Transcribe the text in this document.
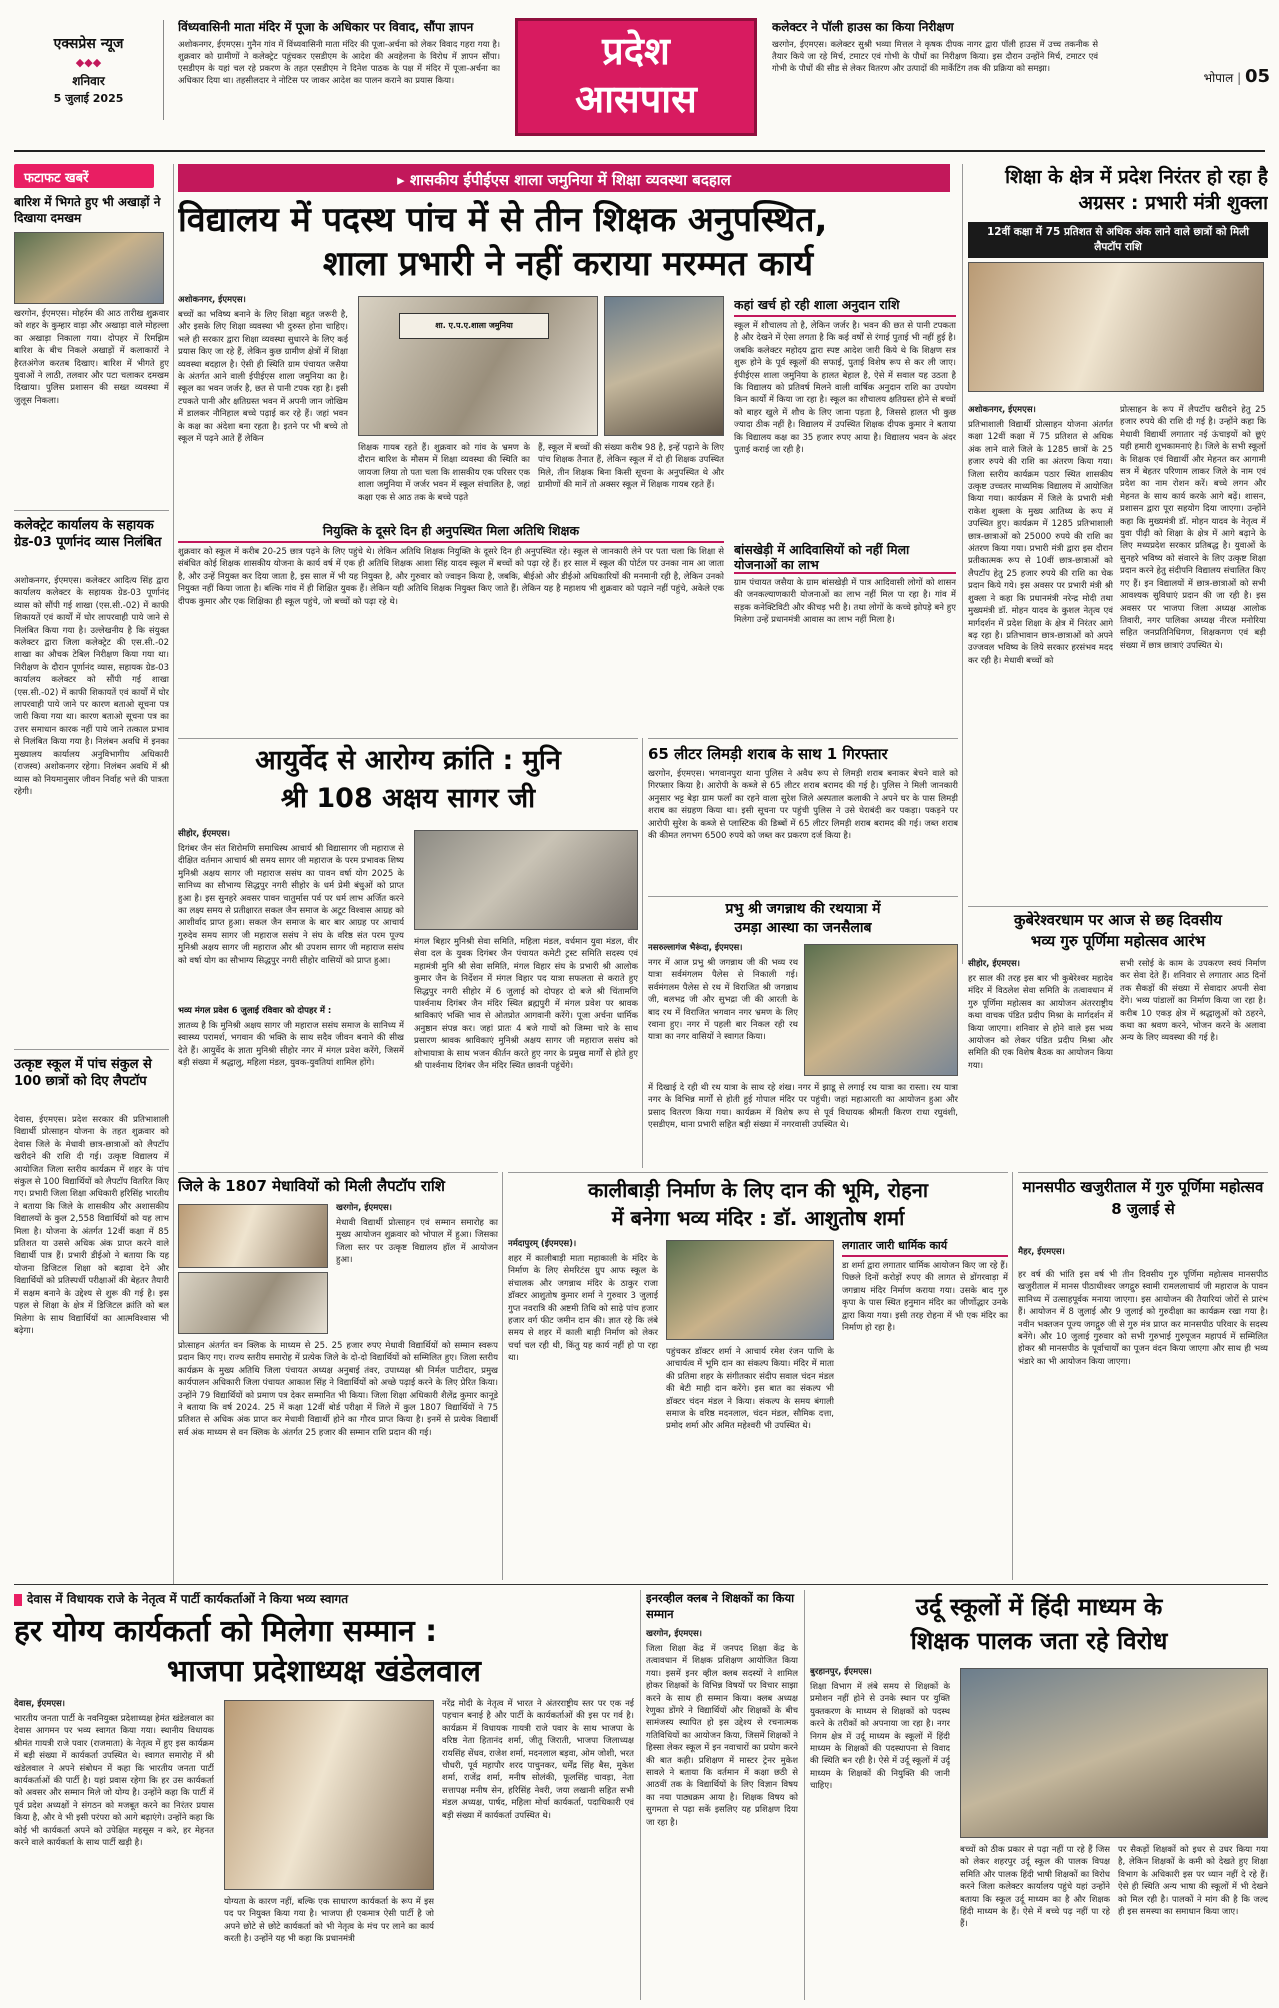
एक्सप्रेस न्यूज
◆◆◆
शनिवार
5 जुलाई 2025
विंध्यवासिनी माता मंदिर में पूजा के अधिकार पर विवाद, सौंपा ज्ञापन
अशोकनगर, ईएमएस। गुनैन गांव में विंध्यवासिनी माता मंदिर की पूजा-अर्चना को लेकर विवाद गहरा गया है। शुक्रवार को ग्रामीणों ने कलेक्ट्रेट पहुंचकर एसडीएम के आदेश की अवहेलना के विरोध में ज्ञापन सौंपा। एसडीएम के यहां चल रहे प्रकरण के तहत एसडीएम ने दिनेश पाठक के पक्ष में मंदिर में पूजा-अर्चना का अधिकार दिया था। तहसीलदार ने नोटिस पर जाकर आदेश का पालन कराने का प्रयास किया।
प्रदेश
आसपास
कलेक्टर ने पॉली हाउस का किया निरीक्षण
खरगोन, ईएमएस। कलेक्टर सुश्री भव्या मित्तल ने कृषक दीपक नागर द्वारा पॉली हाउस में उच्च तकनीक से तैयार किये जा रहे मिर्च, टमाटर एवं गोभी के पौधों का निरीक्षण किया। इस दौरान उन्होंने मिर्च, टमाटर एवं गोभी के पौधों की सीड से लेकर वितरण और उत्पादों की मार्केटिंग तक की प्रक्रिया को समझा।
भोपाल | 05
फटाफट खबरें
बारिश में भिगते हुए भी अखाड़ों ने दिखाया दमखम
खरगोन, ईएमएस। मोहर्रम की आठ तारीख शुक्रवार को शहर के कुम्हार वाड़ा और अखाड़ा वाले मोहल्ला का अखाड़ा निकाला गया। दोपहर में रिमझिम बारिश के बीच निकले अखाड़ों में कलाकारों ने हैरतअंगेज करतब दिखाए। बारिश में भीगते हुए युवाओं ने लाठी, तलवार और पटा चलाकर दमखम दिखाया। पुलिस प्रशासन की सख्त व्यवस्था में जुलूस निकला।
कलेक्ट्रेट कार्यालय के सहायक ग्रेड-03 पूर्णानंद व्यास निलंबित
अशोकनगर, ईएमएस। कलेक्टर आदित्य सिंह द्वारा कार्यालय कलेक्टर के सहायक ग्रेड-03 पूर्णानंद व्यास को सौंपी गई शाखा (एस.सी.-02) में काफी शिकायतें एवं कार्यों में घोर लापरवाही पाये जाने से निलंबित किया गया है। उल्लेखनीय है कि संयुक्त कलेक्टर द्वारा जिला कलेक्ट्रेट की एस.सी.-02 शाखा का औचक टेबिल निरीक्षण किया गया था। निरीक्षण के दौरान पूर्णानंद व्यास, सहायक ग्रेड-03 कार्यालय कलेक्टर को सौंपी गई शाखा (एस.सी.-02) में काफी शिकायतें एवं कार्यों में घोर लापरवाही पाये जाने पर कारण बताओ सूचना पत्र जारी किया गया था। कारण बताओ सूचना पत्र का उत्तर समाधान कारक नहीं पाये जाने तत्काल प्रभाव से निलंबित किया गया है। निलंबन अवधि में इनका मुख्यालय कार्यालय अनुविभागीय अधिकारी (राजस्व) अशोकनगर रहेगा। निलंबन अवधि में श्री व्यास को नियमानुसार जीवन निर्वाह भत्ते की पात्रता रहेगी।
उत्कृष्ट स्कूल में पांच संकुल से 100 छात्रों को दिए लैपटॉप
देवास, ईएमएस। प्रदेश सरकार की प्रतिभाशाली विद्यार्थी प्रोत्साहन योजना के तहत शुक्रवार को देवास जिले के मेधावी छात्र-छात्राओं को लैपटॉप खरीदने की राशि दी गई। उत्कृष्ट विद्यालय में आयोजित जिला स्तरीय कार्यक्रम में शहर के पांच संकुल से 100 विद्यार्थियों को लैपटॉप वितरित किए गए। प्रभारी जिला शिक्षा अधिकारी हरिसिंह भारतीय ने बताया कि जिले के शासकीय और अशासकीय विद्यालयों के कुल 2,558 विद्यार्थियों को यह लाभ मिला है। योजना के अंतर्गत 12वीं कक्षा में 85 प्रतिशत या उससे अधिक अंक प्राप्त करने वाले विद्यार्थी पात्र हैं। प्रभारी डीईओ ने बताया कि यह योजना डिजिटल शिक्षा को बढ़ावा देने और विद्यार्थियों को प्रतिस्पर्धी परीक्षाओं की बेहतर तैयारी में सक्षम बनाने के उद्देश्य से शुरू की गई है। इस पहल से शिक्षा के क्षेत्र में डिजिटल क्रांति को बल मिलेगा के साथ विद्यार्थियों का आत्मविश्वास भी बढ़ेगा।
▸ शासकीय ईपीईएस शाला जमुनिया में शिक्षा व्यवस्था बदहाल
विद्यालय में पदस्थ पांच में से तीन शिक्षक अनुपस्थित,
शाला प्रभारी ने नहीं कराया मरम्मत कार्य
अशोकनगर, ईएमएस।
बच्चों का भविष्य बनाने के लिए शिक्षा बहुत जरूरी है, और इसके लिए शिक्षा व्यवस्था भी दुरुस्त होना चाहिए। भले ही सरकार द्वारा शिक्षा व्यवस्था सुधारने के लिए कई प्रयास किए जा रहे हैं, लेकिन कुछ ग्रामीण क्षेत्रों में शिक्षा व्यवस्था बदहाल है। ऐसी ही स्थिति ग्राम पंचायत जसैया के अंतर्गत आने वाली ईपीईएस शाला जमुनिया का है। स्कूल का भवन जर्जर है, छत से पानी टपक रहा है। इसी टपकते पानी और क्षतिग्रस्त भवन में अपनी जान जोखिम में डालकर नौनिहाल बच्चे पढ़ाई कर रहे हैं। जहां भवन के कक्ष का अंदेशा बना रहता है। इतने पर भी बच्चे तो स्कूल में पढ़ने आते हैं लेकिन
शा. ए.प.ए.शाला जमुनिया
शिक्षक गायब रहते हैं। शुक्रवार को गांव के भ्रमण के दौरान बारिश के मौसम में शिक्षा व्यवस्था की स्थिति का जायजा लिया तो पता चला कि शासकीय एक परिसर एक शाला जमुनिया में जर्जर भवन में स्कूल संचालित है, जहां कक्षा एक से आठ तक के बच्चे पढ़ते
हैं, स्कूल में बच्चों की संख्या करीब 98 है, इन्हें पढ़ाने के लिए पांच शिक्षक तैनात हैं, लेकिन स्कूल में दो ही शिक्षक उपस्थित मिले, तीन शिक्षक बिना किसी सूचना के अनुपस्थित थे और ग्रामीणों की मानें तो अक्सर स्कूल में शिक्षक गायब रहते हैं।
कहां खर्च हो रही शाला अनुदान राशि
स्कूल में शौचालय तो है, लेकिन जर्जर है। भवन की छत से पानी टपकता है और देखने में ऐसा लगता है कि कई वर्षों से रंगाई पुताई भी नहीं हुई है। जबकि कलेक्टर महोदय द्वारा स्पष्ट आदेश जारी किये थे कि शिक्षण सत्र शुरू होने के पूर्व स्कूलों की सफाई, पुताई विशेष रूप से कर ली जाए। ईपीईएस शाला जमुनिया के हालत बेहाल है, ऐसे में सवाल यह उठता है कि विद्यालय को प्रतिवर्ष मिलने वाली वार्षिक अनुदान राशि का उपयोग किन कार्यों में किया जा रहा है। स्कूल का शौचालय क्षतिग्रस्त होने से बच्चों को बाहर खुले में शौच के लिए जाना पड़ता है, जिससे हालत भी कुछ ज्यादा ठीक नहीं है। विद्यालय में उपस्थित शिक्षक दीपक कुमार ने बताया कि विद्यालय कक्ष का 35 हजार रुपए आया है। विद्यालय भवन के अंदर पुताई कराई जा रही है।
नियुक्ति के दूसरे दिन ही अनुपस्थित मिला अतिथि शिक्षक
शुक्रवार को स्कूल में करीब 20-25 छात्र पढ़ने के लिए पहुंचे थे। लेकिन अतिथि शिक्षक नियुक्ति के दूसरे दिन ही अनुपस्थित रहे। स्कूल से जानकारी लेने पर पता चला कि शिक्षा से संबंधित कोई शिक्षक शासकीय योजना के कार्य वर्ष में एक ही अतिथि शिक्षक आशा सिंह यादव स्कूल में बच्चों को पढ़ा रहे हैं। हर साल में स्कूल की पोर्टल पर उनका नाम आ जाता है, और उन्हें नियुक्त कर दिया जाता है, इस साल में भी यह नियुक्त है, और गुरुवार को ज्वाइन किया है, जबकि, बीईओ और डीईओ अधिकारियों की मनमानी रही है, लेकिन उनको नियुक्त नहीं किया जाता है। बल्कि गांव में ही शिक्षित युवक हैं। लेकिन यही अतिथि शिक्षक नियुक्त किए जाते हैं। लेकिन यह है महाशय भी शुक्रवार को पढ़ाने नहीं पहुंचे, अकेले एक दीपक कुमार और एक शिक्षिका ही स्कूल पहुंचे, जो बच्चों को पढ़ा रहे थे।
बांसखेड़ी में आदिवासियों को नहीं मिला योजनाओं का लाभ
ग्राम पंचायत जसैया के ग्राम बांसखेड़ी में पात्र आदिवासी लोगों को शासन की जनकल्याणकारी योजनाओं का लाभ नहीं मिल पा रहा है। गांव में सड़क कनेक्टिविटी और कीचड़ भरी है। तथा लोगों के कच्चे झोपड़े बने हुए मिलेगा उन्हें प्रधानमंत्री आवास का लाभ नहीं मिला है।
शिक्षा के क्षेत्र में प्रदेश निरंतर हो रहा है अग्रसर : प्रभारी मंत्री शुक्ला
12वीं कक्षा में 75 प्रतिशत से अधिक अंक लाने वाले छात्रों को मिली लैपटॉप राशि
अशोकनगर, ईएमएस।
प्रतिभाशाली विद्यार्थी प्रोत्साहन योजना अंतर्गत कक्षा 12वीं कक्षा में 75 प्रतिशत से अधिक अंक लाने वाले जिले के 1285 छात्रों के 25 हजार रुपये की राशि का अंतरण किया गया। जिला स्तरीय कार्यक्रम पठार स्थित शासकीय उत्कृष्ट उच्चतर माध्यमिक विद्यालय में आयोजित किया गया। कार्यक्रम में जिले के प्रभारी मंत्री राकेश शुक्ला के मुख्य आतिथ्य के रूप में उपस्थित हुए। कार्यक्रम में 1285 प्रतिभाशाली छात्र-छात्राओं को 25000 रुपये की राशि का अंतरण किया गया। प्रभारी मंत्री द्वारा इस दौरान प्रतीकात्मक रूप से 10वीं छात्र-छात्राओं को लैपटॉप हेतु 25 हजार रुपये की राशि का चेक प्रदान किये गये। इस अवसर पर प्रभारी मंत्री श्री शुक्ला ने कहा कि प्रधानमंत्री नरेन्द्र मोदी तथा मुख्यमंत्री डॉ. मोहन यादव के कुशल नेतृत्व एवं मार्गदर्शन में प्रदेश शिक्षा के क्षेत्र में निरंतर आगे बढ़ रहा है। प्रतिभावान छात्र-छात्राओं को अपने उज्जवल भविष्य के लिये सरकार हरसंभव मदद कर रही है। मेधावी बच्चों को
प्रोत्साहन के रूप में लैपटॉप खरीदने हेतु 25 हजार रुपये की राशि दी गई है। उन्होंने कहा कि मेधावी विद्यार्थी लगातार नई ऊंचाइयों को छूएं यही हमारी शुभकामनाएं है। जिले के सभी स्कूलों के शिक्षक एवं विद्यार्थी और मेहनत कर आगामी सत्र में बेहतर परिणाम लाकर जिले के नाम एवं प्रदेश का नाम रोशन करें। बच्चे लगन और मेहनत के साथ कार्य करके आगे बढ़ें। शासन, प्रशासन द्वारा पूरा सहयोग दिया जाएगा। उन्होंने कहा कि मुख्यमंत्री डॉ. मोहन यादव के नेतृत्व में युवा पीढ़ी को शिक्षा के क्षेत्र में आगे बढ़ाने के लिए मध्यप्रदेश सरकार प्रतिबद्ध है। युवाओं के सुनहरे भविष्य को संवारने के लिए उत्कृष्ट शिक्षा प्रदान करने हेतु संदीपनि विद्यालय संचालित किए गए हैं। इन विद्यालयों में छात्र-छात्राओं को सभी आवश्यक सुविधाएं प्रदान की जा रही है। इस अवसर पर भाजपा जिला अध्यक्ष आलोक तिवारी, नगर पालिका अध्यक्ष नीरज मनोरिया सहित जनप्रतिनिधिगण, शिक्षकगण एवं बड़ी संख्या में छात्र छात्राएं उपस्थित थे।
आयुर्वेद से आरोग्य क्रांति : मुनि
श्री 108 अक्षय सागर जी
सीहोर, ईएमएस।
दिगंबर जैन संत शिरोमणि समाधिस्थ आचार्य श्री विद्यासागर जी महाराज से दीक्षित वर्तमान आचार्य श्री समय सागर जी महाराज के परम प्रभावक शिष्य मुनिश्री अक्षय सागर जी महाराज ससंघ का पावन वर्षा योग 2025 के सानिध्य का सौभाग्य सिद्धपुर नगरी सीहोर के धर्म प्रेमी बंधुओं को प्राप्त हुआ है। इस सुनहरे अवसर पावन चातुर्मास पर्व पर धर्म लाभ अर्जित करने का लक्ष्य समय से प्रतीक्षारत सकल जैन समाज के अटूट विश्वास आग्रह को आशीर्वाद प्राप्त हुआ। सकल जैन समाज के बार बार आग्रह पर आचार्य गुरुदेव समय सागर जी महाराज ससंघ ने संघ के वरिष्ठ संत परम पूज्य मुनिश्री अक्षय सागर जी महाराज और श्री उपशम सागर जी महाराज ससंघ को वर्षा योग का सौभाग्य सिद्धपुर नगरी सीहोर वासियों को प्राप्त हुआ।
भव्य मंगल प्रवेश 6 जुलाई रविवार को दोपहर में :
ज्ञातव्य है कि मुनिश्री अक्षय सागर जी महाराज ससंघ समाज के सानिध्य में स्वास्थ्य परामर्श, भगवान की भक्ति के साथ सदैव जीवन बनाने की सीख देते हैं। आयुर्वेद के ज्ञाता मुनिश्री सीहोर नगर में मंगल प्रवेश करेंगे, जिसमें बड़ी संख्या में श्रद्धालु, महिला मंडल, युवक-युवतियां शामिल होंगे।
मंगल बिहार मुनिश्री सेवा समिति, महिला मंडल, वर्धमान युवा मंडल, वीर सेवा दल के युवक दिगंबर जैन पंचायत कमेटी ट्रस्ट समिति सदस्य एवं महामंत्री मुनि श्री सेवा समिति, मंगल विहार संघ के प्रभारी श्री आलोक कुमार जैन के निर्देशन में मंगल विहार पद यात्रा सफलता से कराते हुए सिद्धपुर नगरी सीहोर में 6 जुलाई को दोपहर दो बजे श्री चिंतामणि पार्श्वनाथ दिगंबर जैन मंदिर स्थित ब्रह्मपुरी में मंगल प्रवेश पर श्रावक श्राविकाएं भक्ति भाव से ओतप्रोत आगवानी करेंगे। पूजा अर्चना धार्मिक अनुष्ठान संपन्न कर। जहां प्रातः 4 बजे गायों को जिम्मा चारे के साथ प्रसारण श्रावक श्राविकाएं मुनिश्री अक्षय सागर जी महाराज ससंघ को शोभायात्रा के साथ भजन कीर्तन करते हुए नगर के प्रमुख मार्गों से होते हुए श्री पार्श्वनाथ दिगंबर जैन मंदिर स्थित छावनी पहुंचेंगे।
65 लीटर लिमड़ी शराब के साथ 1 गिरफ्तार
खरगोन, ईएमएस। भगवानपुरा थाना पुलिस ने अवैध रूप से लिमड़ी शराब बनाकर बेचने वाले को गिरफ्तार किया है। आरोपी के कब्जे से 65 लीटर शराब बरामद की गई है। पुलिस ने मिली जानकारी अनुसार भट्ट बेड़ा ग्राम फलाँ का रहने वाला सुरेश जिले अस्पताल कलाकी ने अपने घर के पास लिमड़ी शराब का संग्रहण किया था। इसी सूचना पर पहुंची पुलिस ने उसे घेराबंदी कर पकड़ा। पकड़ने पर आरोपी सुरेश के कब्जे से प्लास्टिक की डिब्बों में 65 लीटर लिमड़ी शराब बरामद की गई। जब्त शराब की कीमत लगभग 6500 रुपये को जब्त कर प्रकरण दर्ज किया है।
प्रभु श्री जगन्नाथ की रथयात्रा में
उमड़ा आस्था का जनसैलाब
नसरुल्लागंज भैरूंदा, ईएमएस।
नगर में आज प्रभु श्री जगन्नाथ जी की भव्य रथ यात्रा सर्वमंगलम पैलेस से निकाली गई। सर्वमंगलम पैलेस से रथ में विराजित श्री जगन्नाथ जी, बलभद्र जी और सुभद्रा जी की आरती के बाद रथ में विराजित भगवान नगर भ्रमण के लिए रवाना हुए। नगर में पहली बार निकल रही रथ यात्रा का नगर वासियों ने स्वागत किया।
में दिखाई दे रही थी रथ यात्रा के साथ रहे शंख। नगर में झाडू से लगाई रथ यात्रा का रास्ता। रथ यात्रा नगर के विभिन्न मार्गों से होती हुई गोपाल मंदिर पर पहुंची। जहां महाआरती का आयोजन हुआ और प्रसाद वितरण किया गया। कार्यक्रम में विशेष रूप से पूर्व विधायक श्रीमती किरण राधा रघुवंशी, एसडीएम, थाना प्रभारी सहित बड़ी संख्या में नगरवासी उपस्थित थे।
कुबेरेश्वरधाम पर आज से छह दिवसीय
भव्य गुरु पूर्णिमा महोत्सव आरंभ
सीहोर, ईएमएस।
हर साल की तरह इस बार भी कुबेरेश्वर महादेव मंदिर में विठलेश सेवा समिति के तत्वावधान में गुरु पूर्णिमा महोत्सव का आयोजन अंतरराष्ट्रीय कथा वाचक पंडित प्रदीप मिश्रा के मार्गदर्शन में किया जाएगा। शनिवार से होने वाले इस भव्य आयोजन को लेकर पंडित प्रदीप मिश्रा और समिति की एक विशेष बैठक का आयोजन किया गया।
सभी रसोई के काम के उपकरण स्वयं निर्माण कर सेवा देते हैं। शनिवार से लगातार आठ दिनों तक सैकड़ों की संख्या में सेवादार अपनी सेवा देंगे। भव्य पांडालों का निर्माण किया जा रहा है। करीब 10 एकड़ क्षेत्र में श्रद्धालुओं को ठहरने, कथा का श्रवण करने, भोजन करने के अलावा अन्य के लिए व्यवस्था की गई है।
जिले के 1807 मेधावियों को मिली लैपटॉप राशि
खरगोन, ईएमएस।
मेधावी विद्यार्थी प्रोत्साहन एवं सम्मान समारोह का मुख्य आयोजन शुक्रवार को भोपाल में हुआ। जिसका जिला स्तर पर उत्कृष्ट विद्यालय हॉल में आयोजन हुआ।
प्रोत्साहन अंतर्गत वन क्लिक के माध्यम से 25. 25 हजार रुपए मेधावी विद्यार्थियों को सम्मान स्वरूप प्रदान किए गए। राज्य स्तरीय समारोह में प्रत्येक जिले के दो-दो विद्यार्थियों को सम्मिलित हुए। जिला स्तरीय कार्यक्रम के मुख्य अतिथि जिला पंचायत अध्यक्ष अनुबाई तंवर, उपाध्यक्ष श्री निर्मल पाटीदार, प्रमुख कार्यपालन अधिकारी जिला पंचायत आकाश सिंह ने विद्यार्थियों को अच्छे पढ़ाई करने के लिए प्रेरित किया। उन्होंने 79 विद्यार्थियों को प्रमाण पत्र देकर सम्मानित भी किया। जिला शिक्षा अधिकारी शैलेंद्र कुमार कानूडे ने बताया कि वर्ष 2024. 25 में कक्षा 12वीं बोर्ड परीक्षा में जिले में कुल 1807 विद्यार्थियों ने 75 प्रतिशत से अधिक अंक प्राप्त कर मेधावी विद्यार्थी होने का गौरव प्राप्त किया है। इनमें से प्रत्येक विद्यार्थी सर्व अंक माध्यम से वन क्लिक के अंतर्गत 25 हजार की सम्मान राशि प्रदान की गई।
कालीबाड़ी निर्माण के लिए दान की भूमि, रोहना
में बनेगा भव्य मंदिर : डॉ. आशुतोष शर्मा
नर्मदापुरम् (ईएमएस)।
शहर में कालीबाड़ी माता महाकाली के मंदिर के निर्माण के लिए सेमरिटंस ग्रुप आफ स्कूल के संचालक और जगन्नाथ मंदिर के ठाकुर राजा डॉक्टर आशुतोष कुमार शर्मा ने गुरुवार 3 जुलाई गुप्त नवरात्रि की अष्टमी तिथि को साढ़े पांच हजार हजार वर्ग फीट जमीन दान की। ज्ञात रहे कि लंबे समय से शहर में काली बाड़ी निर्माण को लेकर चर्चा चल रही थी, किंतु यह कार्य नहीं हो पा रहा था।
पहुंचकर डॉक्टर शर्मा ने आचार्य रमेश रंजन पाणि के आचार्यत्व में भूमि दान का संकल्प किया। मंदिर में माता की प्रतिमा शहर के संगीतकार संदीप सवाल चंदन मंडल की बेटी माही दान करेंगे। इस बात का संकल्प भी डॉक्टर चंदन मंडल ने किया। संकल्प के समय बंगाली समाज के वरिष्ठ मदनलाल, चंदन मंडल, सौमिक दत्ता, प्रमोद शर्मा और अमित महेश्वरी भी उपस्थित थे।
लगातार जारी धार्मिक कार्य
डा शर्मा द्वारा लगातार धार्मिक आयोजन किए जा रहे हैं। पिछले दिनों करोड़ों रुपए की लागत से डोंगरवाड़ा में जगन्नाथ मंदिर निर्माण कराया गया। उसके बाद गुरु कृपा के पास स्थित हनुमान मंदिर का जीर्णोद्धार उनके द्वारा किया गया। इसी तरह रोहना में भी एक मंदिर का निर्माण हो रहा है।
मानसपीठ खजुरीताल में गुरु पूर्णिमा महोत्सव 8 जुलाई से
मैहर, ईएमएस।
हर वर्ष की भांति इस वर्ष भी तीन दिवसीय गुरु पूर्णिमा महोत्सव मानसपीठ खजुरीताल में मानस पीठाधीश्वर जगद्गुरु स्वामी रामललाचार्य जी महाराज के पावन सानिध्य में उत्साहपूर्वक मनाया जाएगा। इस आयोजन की तैयारियां जोरों से प्रारंभ हैं। आयोजन में 8 जुलाई और 9 जुलाई को गुरुदीक्षा का कार्यक्रम रखा गया है। नवीन भक्तजन पूज्य जगद्गुरु जी से गुरु मंत्र प्राप्त कर मानसपीठ परिवार के सदस्य बनेंगे। और 10 जुलाई गुरुवार को सभी गुरुभाई गुरुपूजन महापर्व में सम्मिलित होकर श्री मानसपीठ के पूर्वाचार्यों का पूजन वंदन किया जाएगा और साथ ही भव्य भंडारे का भी आयोजन किया जाएगा।
देवास में विधायक राजे के नेतृत्व में पार्टी कार्यकर्ताओं ने किया भव्य स्वागत
हर योग्य कार्यकर्ता को मिलेगा सम्मान :
भाजपा प्रदेशाध्यक्ष खंडेलवाल
देवास, ईएमएस।
भारतीय जनता पार्टी के नवनियुक्त प्रदेशाध्यक्ष हेमंत खंडेलवाल का देवास आगमन पर भव्य स्वागत किया गया। स्थानीय विधायक श्रीमंत गायत्री राजे पवार (राजमाता) के नेतृत्व में हुए इस कार्यक्रम में बड़ी संख्या में कार्यकर्ता उपस्थित थे। स्वागत समारोह में श्री खंडेलवाल ने अपने संबोधन में कहा कि भारतीय जनता पार्टी कार्यकर्ताओं की पार्टी है। यहां प्रवास रहेगा कि हर उस कार्यकर्ता को अवसर और सम्मान मिले जो योग्य है। उन्होंने कहा कि पार्टी में पूर्व प्रदेश अध्यक्षों ने संगठन को मजबूत करने का निरंतर प्रयास किया है, और वे भी इसी परंपरा को आगे बढ़ाएंगे। उन्होंने कहा कि कोई भी कार्यकर्ता अपने को उपेक्षित महसूस न करे, हर मेहनत करने वाले कार्यकर्ता के साथ पार्टी खड़ी है।
योग्यता के कारण नहीं, बल्कि एक साधारण कार्यकर्ता के रूप में इस पद पर नियुक्त किया गया है। भाजपा ही एकमात्र ऐसी पार्टी है जो अपने छोटे से छोटे कार्यकर्ता को भी नेतृत्व के मंच पर लाने का कार्य करती है। उन्होंने यह भी कहा कि प्रधानमंत्री
नरेंद्र मोदी के नेतृत्व में भारत ने अंतरराष्ट्रीय स्तर पर एक नई पहचान बनाई है और पार्टी के कार्यकर्ताओं की इस पर गर्व है। कार्यक्रम में विधायक गायत्री राजे पवार के साथ भाजपा के वरिष्ठ नेता हितानंद शर्मा, जीतू जिराती, भाजपा जिलाध्यक्ष रायसिंह सेंधव, राजेश शर्मा, मदनलाल बड़वा, ओम जोशी, भरत चौधरी, पूर्व महापौर शरद पाचुनकर, धर्मेंद्र सिंह बैस, मुकेश शर्मा, राजेंद्र शर्मा, मनीष सोलंकी, फूलसिंह चावड़ा, नेता सत्तापक्ष मनीष सेन, हरिसिंह नेवरी, जया लखानी सहित सभी मंडल अध्यक्ष, पार्षद, महिला मोर्चा कार्यकर्ता, पदाधिकारी एवं बड़ी संख्या में कार्यकर्ता उपस्थित थे।
इनरव्हील क्लब ने शिक्षकों का किया सम्मान
खरगोन, ईएमएस।
जिला शिक्षा केंद्र में जनपद शिक्षा केंद्र के तत्वावधान में शिक्षक प्रशिक्षण आयोजित किया गया। इसमें इनर व्हील क्लब सदस्यों ने शामिल होकर शिक्षकों के विभिन्न विषयों पर विचार साझा करने के साथ ही सम्मान किया। क्लब अध्यक्ष रेणुका डोंगरे ने विद्यार्थियों और शिक्षकों के बीच सामंजस्य स्थापित हो इस उद्देश्य से रचनात्मक गतिविधियों का आयोजन किया, जिसमें शिक्षकों ने हिस्सा लेकर स्कूल में इन नवाचारों का प्रयोग करने की बात कही। प्रशिक्षण में मास्टर ट्रेनर मुकेश सावले ने बताया कि वर्तमान में कक्षा छठी से आठवीं तक के विद्यार्थियों के लिए विज्ञान विषय का नया पाठ्यक्रम आया है। शिक्षक विषय को सुगमता से पढ़ा सकें इसलिए यह प्रशिक्षण दिया जा रहा है।
उर्दू स्कूलों में हिंदी माध्यम के
शिक्षक पालक जता रहे विरोध
बुरहानपुर, ईएमएस।
शिक्षा विभाग में लंबे समय से शिक्षकों के प्रमोशन नहीं होने से उनके स्थान पर युक्ति युक्तकरण के माध्यम से शिक्षकों को पदस्थ करने के तरीकों को अपनाया जा रहा है। नगर निगम क्षेत्र में उर्दू माध्यम के स्कूलों में हिंदी माध्यम के शिक्षकों की पदस्थापना से विवाद की स्थिति बन रही है। ऐसे में उर्दू स्कूलों में उर्दू माध्यम के शिक्षकों की नियुक्ति की जानी चाहिए।
बच्चों को ठीक प्रकार से पढ़ा नहीं पा रहे हैं जिस को लेकर शहरपुर उर्दू स्कूल की पालक विपक्ष समिति और पालक हिंदी भाषी शिक्षकों का विरोध करने जिला कलेक्टर कार्यालय पहुंचे यहां उन्होंने बताया कि स्कूल उर्दू माध्यम का है और शिक्षक हिंदी माध्यम के हैं। ऐसे में बच्चे पढ़ नहीं पा रहे हैं।
पर सैकड़ों शिक्षकों को इधर से उधर किया गया है, लेकिन शिक्षकों के कमी को देखते हुए शिक्षा विभाग के अधिकारी इस पर ध्यान नहीं दे रहे हैं। ऐसे ही स्थिति अन्य भाषा की स्कूलों में भी देखने को मिल रही है। पालकों ने मांग की है कि जल्द ही इस समस्या का समाधान किया जाए।
